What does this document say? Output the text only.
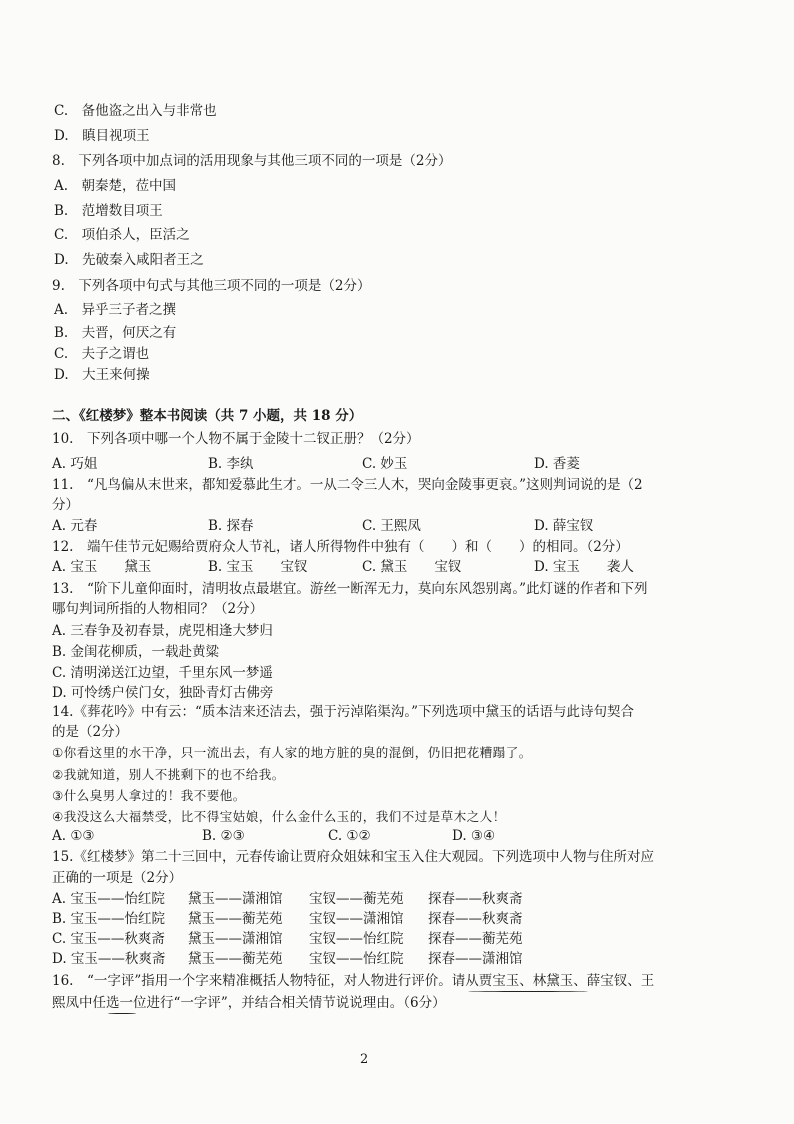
C.　备他盗之出入与非常也
D.　瞋目视项王
8.　下列各项中加点词的活用现象与其他三项不同的一项是（2分）
A.　朝秦楚，莅中国
B.　范增数目项王
C.　项伯杀人，臣活之
D.　先破秦入咸阳者王之
9.　下列各项中句式与其他三项不同的一项是（2分）
A.　异乎三子者之撰
B.　夫晋，何厌之有
C.　夫子之谓也
D.　大王来何操
二、《红楼梦》整本书阅读（共 7 小题，共 18 分）
10.　下列各项中哪一个人物不属于金陵十二钗正册？（2分）
A. 巧姐	B. 李纨	C. 妙玉	D. 香菱
11.　“凡鸟偏从末世来，都知爱慕此生才。一从二令三人木，哭向金陵事更哀。”这则判词说的是（2
分）
A. 元春	B. 探春	C. 王熙凤	D. 薛宝钗
12.　端午佳节元妃赐给贾府众人节礼，诸人所得物件中独有（　　）和（　　）的相同。（2分）
A. 宝玉　　黛玉	B. 宝玉　　宝钗	C. 黛玉　　宝钗	D. 宝玉　　袭人
13.　“阶下儿童仰面时，清明妆点最堪宜。游丝一断浑无力，莫向东风怨别离。”此灯谜的作者和下列
哪句判词所指的人物相同？（2分）
A. 三春争及初春景，虎兕相逢大梦归
B. 金闺花柳质，一载赴黄粱
C. 清明涕送江边望，千里东风一梦遥
D. 可怜绣户侯门女，独卧青灯古佛旁
14.《葬花吟》中有云：“质本洁来还洁去，强于污淖陷渠沟。”下列选项中黛玉的话语与此诗句契合
的是（2分）
①你看这里的水干净，只一流出去，有人家的地方脏的臭的混倒，仍旧把花糟蹋了。
②我就知道，别人不挑剩下的也不给我。
③什么臭男人拿过的！我不要他。
④我没这么大福禁受，比不得宝姑娘，什么金什么玉的，我们不过是草木之人！
A. ①③	B. ②③	C. ①②	D. ③④
15.《红楼梦》第二十三回中，元春传谕让贾府众姐妹和宝玉入住大观园。下列选项中人物与住所对应
正确的一项是（2分）
A. 宝玉——怡红院 黛玉——潇湘馆 宝钗——蘅芜苑 探春——秋爽斋
B. 宝玉——怡红院 黛玉——蘅芜苑 宝钗——潇湘馆 探春——秋爽斋
C. 宝玉——秋爽斋 黛玉——潇湘馆 宝钗——怡红院 探春——蘅芜苑
D. 宝玉——秋爽斋 黛玉——蘅芜苑 宝钗——怡红院 探春——潇湘馆
16.　“一字评”指用一个字来精准概括人物特征，对人物进行评价。请从贾宝玉、林黛玉、薛宝钗、王
熙凤中任选一位进行“一字评”，并结合相关情节说说理由。（6分）
2
